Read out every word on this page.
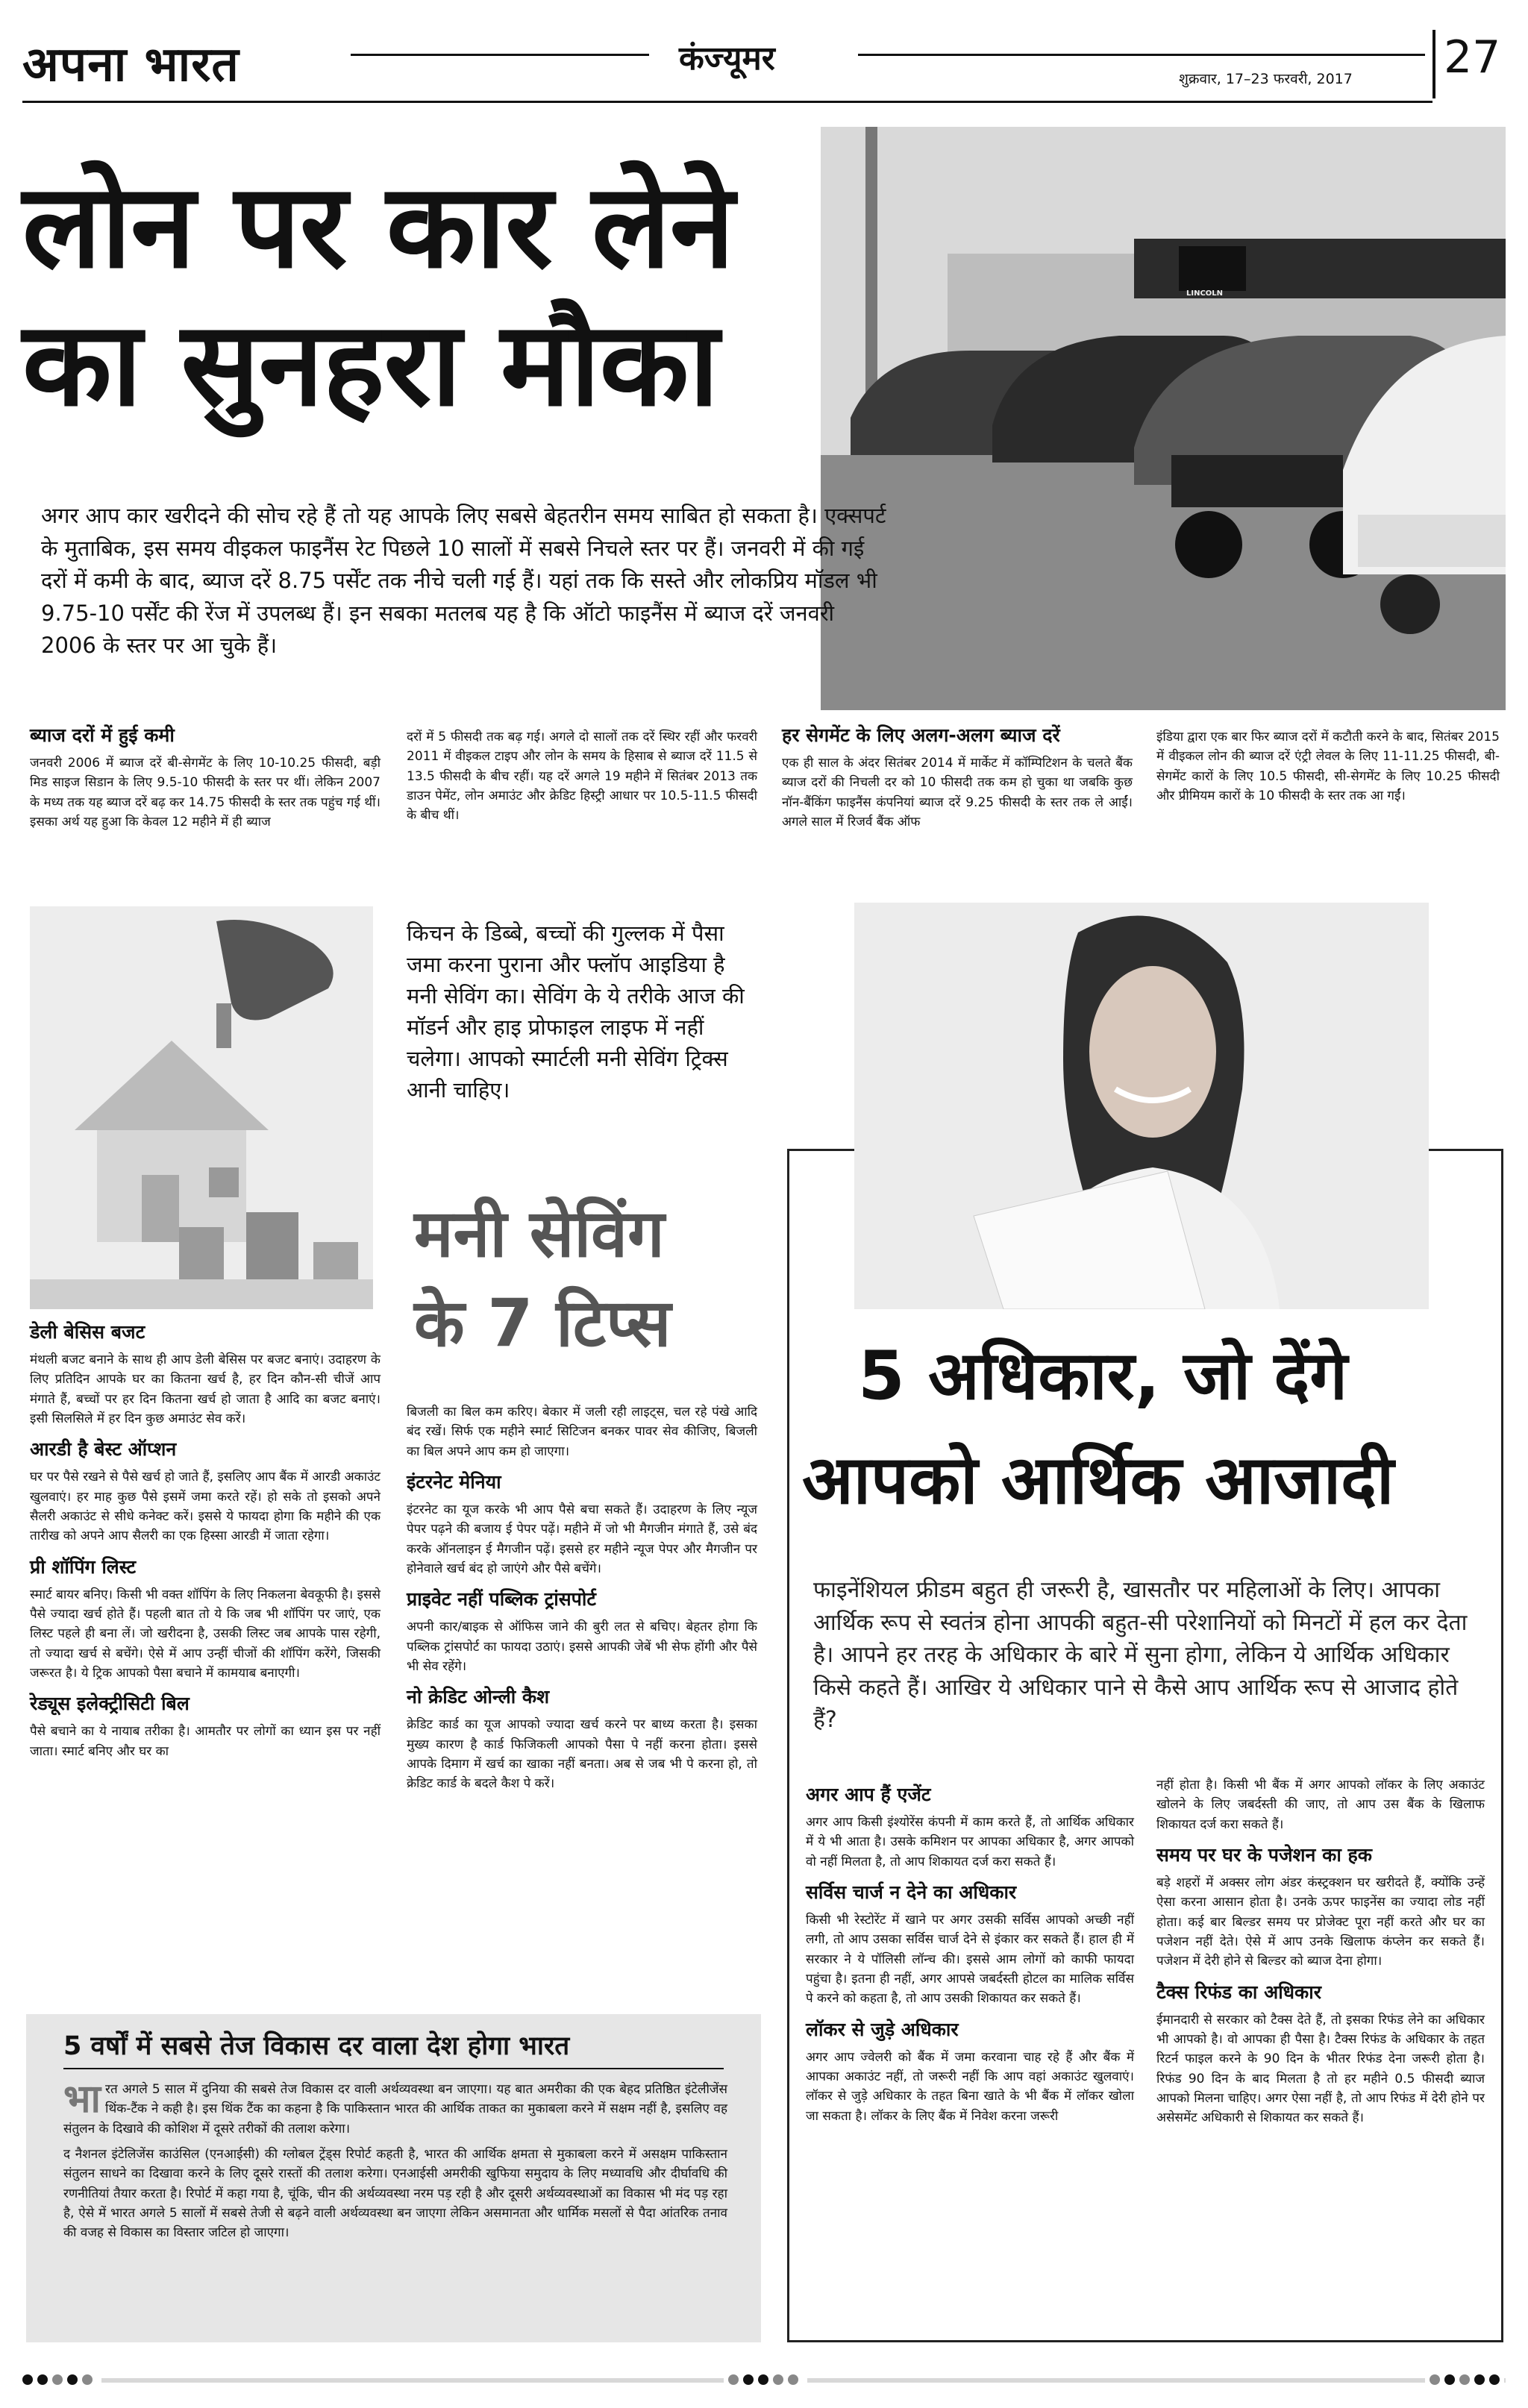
अपना भारत	कंज्यूमर
शुक्रवार, 17–23 फरवरी, 2017 27
LINCOLN
लोन पर कार लेने
का सुनहरा मौका
अगर आप कार खरीदने की सोच रहे हैं तो यह आपके लिए सबसे बेहतरीन समय साबित हो सकता है। एक्सपर्ट के मुताबिक, इस समय वीइकल फाइनैंस रेट पिछले 10 सालों में सबसे निचले स्तर पर हैं। जनवरी में की गई दरों में कमी के बाद, ब्याज दरें 8.75 पर्सेंट तक नीचे चली गई हैं। यहां तक कि सस्ते और लोकप्रिय मॉडल भी 9.75-10 पर्सेंट की रेंज में उपलब्ध हैं। इन सबका मतलब यह है कि ऑटो फाइनैंस में ब्याज दरें जनवरी 2006 के स्तर पर आ चुके हैं।
ब्याज दरों में हुई कमी

जनवरी 2006 में ब्याज दरें बी-सेगमेंट के लिए 10-10.25 फीसदी, बड़ी मिड साइज सिडान के लिए 9.5-10 फीसदी के स्तर पर थीं। लेकिन 2007 के मध्य तक यह ब्याज दरें बढ़ कर 14.75 फीसदी के स्तर तक पहुंच गई थीं। इसका अर्थ यह हुआ कि केवल 12 महीने में ही ब्याज

दरों में 5 फीसदी तक बढ़ गई। अगले दो सालों तक दरें स्थिर रहीं और फरवरी 2011 में वीइकल टाइप और लोन के समय के हिसाब से ब्याज दरें 11.5 से 13.5 फीसदी के बीच रहीं। यह दरें अगले 19 महीने में सितंबर 2013 तक डाउन पेमेंट, लोन अमाउंट और क्रेडिट हिस्ट्री आधार पर 10.5-11.5 फीसदी के बीच थीं।

हर सेगमेंट के लिए अलग-अलग ब्याज दरें

एक ही साल के अंदर सितंबर 2014 में मार्केट में कॉम्पिटिशन के चलते बैंक ब्याज दरों की निचली दर को 10 फीसदी तक कम हो चुका था जबकि कुछ नॉन-बैंकिंग फाइनैंस कंपनियां ब्याज दरें 9.25 फीसदी के स्तर तक ले आईं। अगले साल में रिजर्व बैंक ऑफ

इंडिया द्वारा एक बार फिर ब्याज दरों में कटौती करने के बाद, सितंबर 2015 में वीइकल लोन की ब्याज दरें एंट्री लेवल के लिए 11-11.25 फीसदी, बी-सेगमेंट कारों के लिए 10.5 फीसदी, सी-सेगमेंट के लिए 10.25 फीसदी और प्रीमियम कारों के 10 फीसदी के स्तर तक आ गईं।

किचन के डिब्बे, बच्चों की गुल्लक में पैसा जमा करना पुराना और फ्लॉप आइडिया है मनी सेविंग का। सेविंग के ये तरीके आज की मॉडर्न और हाइ प्रोफाइल लाइफ में नहीं चलेगा। आपको स्मार्टली मनी सेविंग ट्रिक्स आनी चाहिए।
मनी सेविंग
के 7 टिप्स
डेली बेसिस बजट

मंथली बजट बनाने के साथ ही आप डेली बेसिस पर बजट बनाएं। उदाहरण के लिए प्रतिदिन आपके घर का कितना खर्च है, हर दिन कौन-सी चीजें आप मंगाते हैं, बच्चों पर हर दिन कितना खर्च हो जाता है आदि का बजट बनाएं। इसी सिलसिले में हर दिन कुछ अमाउंट सेव करें।

आरडी है बेस्ट ऑप्शन

घर पर पैसे रखने से पैसे खर्च हो जाते हैं, इसलिए आप बैंक में आरडी अकाउंट खुलवाएं। हर माह कुछ पैसे इसमें जमा करते रहें। हो सके तो इसको अपने सैलरी अकाउंट से सीधे कनेक्ट करें। इससे ये फायदा होगा कि महीने की एक तारीख को अपने आप सैलरी का एक हिस्सा आरडी में जाता रहेगा।

प्री शॉपिंग लिस्ट

स्मार्ट बायर बनिए। किसी भी वक्त शॉपिंग के लिए निकलना बेवकूफी है। इससे पैसे ज्यादा खर्च होते हैं। पहली बात तो ये कि जब भी शॉपिंग पर जाएं, एक लिस्ट पहले ही बना लें। जो खरीदना है, उसकी लिस्ट जब आपके पास रहेगी, तो ज्यादा खर्च से बचेंगे। ऐसे में आप उन्हीं चीजों की शॉपिंग करेंगे, जिसकी जरूरत है। ये ट्रिक आपको पैसा बचाने में कामयाब बनाएगी।

रेड्यूस इलेक्ट्रीसिटी बिल

पैसे बचाने का ये नायाब तरीका है। आमतौर पर लोगों का ध्यान इस पर नहीं जाता। स्मार्ट बनिए और घर का

बिजली का बिल कम करिए। बेकार में जली रही लाइट्स, चल रहे पंखे आदि बंद रखें। सिर्फ एक महीने स्मार्ट सिटिजन बनकर पावर सेव कीजिए, बिजली का बिल अपने आप कम हो जाएगा।

इंटरनेट मेनिया

इंटरनेट का यूज करके भी आप पैसे बचा सकते हैं। उदाहरण के लिए न्यूज पेपर पढ़ने की बजाय ई पेपर पढ़ें। महीने में जो भी मैगजीन मंगाते हैं, उसे बंद करके ऑनलाइन ई मैगजीन पढ़ें। इससे हर महीने न्यूज पेपर और मैगजीन पर होनेवाले खर्च बंद हो जाएंगे और पैसे बचेंगे।

प्राइवेट नहीं पब्लिक ट्रांसपोर्ट

अपनी कार/बाइक से ऑफिस जाने की बुरी लत से बचिए। बेहतर होगा कि पब्लिक ट्रांसपोर्ट का फायदा उठाएं। इससे आपकी जेबें भी सेफ होंगी और पैसे भी सेव रहेंगे।

नो क्रेडिट ओन्ली कैश

क्रेडिट कार्ड का यूज आपको ज्यादा खर्च करने पर बाध्य करता है। इसका मुख्य कारण है कार्ड फिजिकली आपको पैसा पे नहीं करना होता। इससे आपके दिमाग में खर्च का खाका नहीं बनता। अब से जब भी पे करना हो, तो क्रेडिट कार्ड के बदले कैश पे करें।

5 वर्षों में सबसे तेज विकास दर वाला देश होगा भारत

भा रत अगले 5 साल में दुनिया की सबसे तेज विकास दर वाली अर्थव्यवस्था बन जाएगा। यह बात अमरीका की एक बेहद प्रतिष्ठित इंटेलीजेंस थिंक-टैंक ने कही है। इस थिंक टैंक का कहना है कि पाकिस्तान भारत की आर्थिक ताकत का मुकाबला करने में सक्षम नहीं है, इसलिए वह संतुलन के दिखावे की कोशिश में दूसरे तरीकों की तलाश करेगा।

द नैशनल इंटेलिजेंस काउंसिल (एनआईसी) की ग्लोबल ट्रेंड्स रिपोर्ट कहती है, भारत की आर्थिक क्षमता से मुकाबला करने में असक्षम पाकिस्तान संतुलन साधने का दिखावा करने के लिए दूसरे रास्तों की तलाश करेगा। एनआईसी अमरीकी खुफिया समुदाय के लिए मध्यावधि और दीर्घावधि की रणनीतियां तैयार करता है। रिपोर्ट में कहा गया है, चूंकि, चीन की अर्थव्यवस्था नरम पड़ रही है और दूसरी अर्थव्यवस्थाओं का विकास भी मंद पड़ रहा है, ऐसे में भारत अगले 5 सालों में सबसे तेजी से बढ़ने वाली अर्थव्यवस्था बन जाएगा लेकिन असमानता और धार्मिक मसलों से पैदा आंतरिक तनाव की वजह से विकास का विस्तार जटिल हो जाएगा।

5 अधिकार, जो देंगे
आपको आर्थिक आजादी
फाइनेंशियल फ्रीडम बहुत ही जरूरी है, खासतौर पर महिलाओं के लिए। आपका आर्थिक रूप से स्वतंत्र होना आपकी बहुत-सी परेशानियों को मिनटों में हल कर देता है। आपने हर तरह के अधिकार के बारे में सुना होगा, लेकिन ये आर्थिक अधिकार किसे कहते हैं। आखिर ये अधिकार पाने से कैसे आप आर्थिक रूप से आजाद होते हैं?
अगर आप हैं एजेंट

अगर आप किसी इंश्योरेंस कंपनी में काम करते हैं, तो आर्थिक अधिकार में ये भी आता है। उसके कमिशन पर आपका अधिकार है, अगर आपको वो नहीं मिलता है, तो आप शिकायत दर्ज करा सकते हैं।

सर्विस चार्ज न देने का अधिकार

किसी भी रेस्टोरेंट में खाने पर अगर उसकी सर्विस आपको अच्छी नहीं लगी, तो आप उसका सर्विस चार्ज देने से इंकार कर सकते हैं। हाल ही में सरकार ने ये पॉलिसी लॉन्च की। इससे आम लोगों को काफी फायदा पहुंचा है। इतना ही नहीं, अगर आपसे जबर्दस्ती होटल का मालिक सर्विस पे करने को कहता है, तो आप उसकी शिकायत कर सकते हैं।

लॉकर से जुड़े अधिकार

अगर आप ज्वेलरी को बैंक में जमा करवाना चाह रहे हैं और बैंक में आपका अकाउंट नहीं, तो जरूरी नहीं कि आप वहां अकाउंट खुलवाएं। लॉकर से जुड़े अधिकार के तहत बिना खाते के भी बैंक में लॉकर खोला जा सकता है। लॉकर के लिए बैंक में निवेश करना जरूरी

नहीं होता है। किसी भी बैंक में अगर आपको लॉकर के लिए अकाउंट खोलने के लिए जबर्दस्ती की जाए, तो आप उस बैंक के खिलाफ शिकायत दर्ज करा सकते हैं।

समय पर घर के पजेशन का हक

बड़े शहरों में अक्सर लोग अंडर कंस्ट्रक्शन घर खरीदते हैं, क्योंकि उन्हें ऐसा करना आसान होता है। उनके ऊपर फाइनेंस का ज्यादा लोड नहीं होता। कई बार बिल्डर समय पर प्रोजेक्ट पूरा नहीं करते और घर का पजेशन नहीं देते। ऐसे में आप उनके खिलाफ कंप्लेन कर सकते हैं। पजेशन में देरी होने से बिल्डर को ब्याज देना होगा।

टैक्स रिफंड का अधिकार

ईमानदारी से सरकार को टैक्स देते हैं, तो इसका रिफंड लेने का अधिकार भी आपको है। वो आपका ही पैसा है। टैक्स रिफंड के अधिकार के तहत रिटर्न फाइल करने के 90 दिन के भीतर रिफंड देना जरूरी होता है। रिफंड 90 दिन के बाद मिलता है तो हर महीने 0.5 फीसदी ब्याज आपको मिलना चाहिए। अगर ऐसा नहीं है, तो आप रिफंड में देरी होने पर असेसमेंट अधिकारी से शिकायत कर सकते हैं।
